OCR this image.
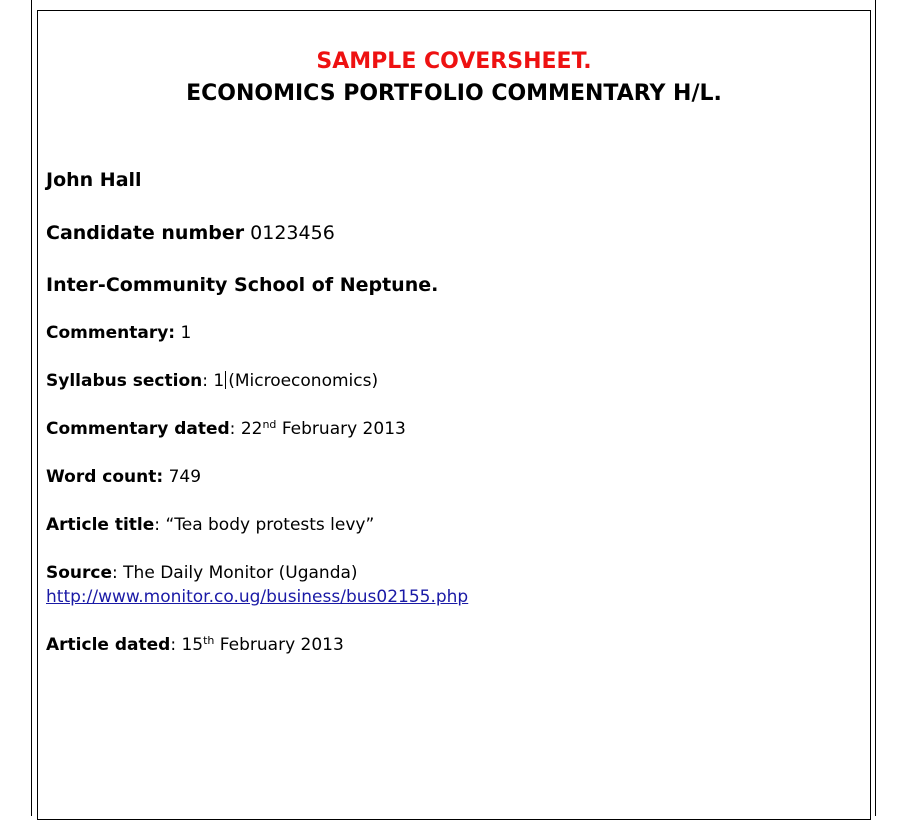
SAMPLE COVERSHEET.
ECONOMICS PORTFOLIO COMMENTARY H/L.
John Hall
Candidate number 0123456
Inter-Community School of Neptune.
Commentary: 1
Syllabus section: 1 (Microeconomics)
Commentary dated: 22nd February 2013
Word count: 749
Article title: “Tea body protests levy”
Source: The Daily Monitor (Uganda)
http://www.monitor.co.ug/business/bus02155.php
Article dated: 15th February 2013
